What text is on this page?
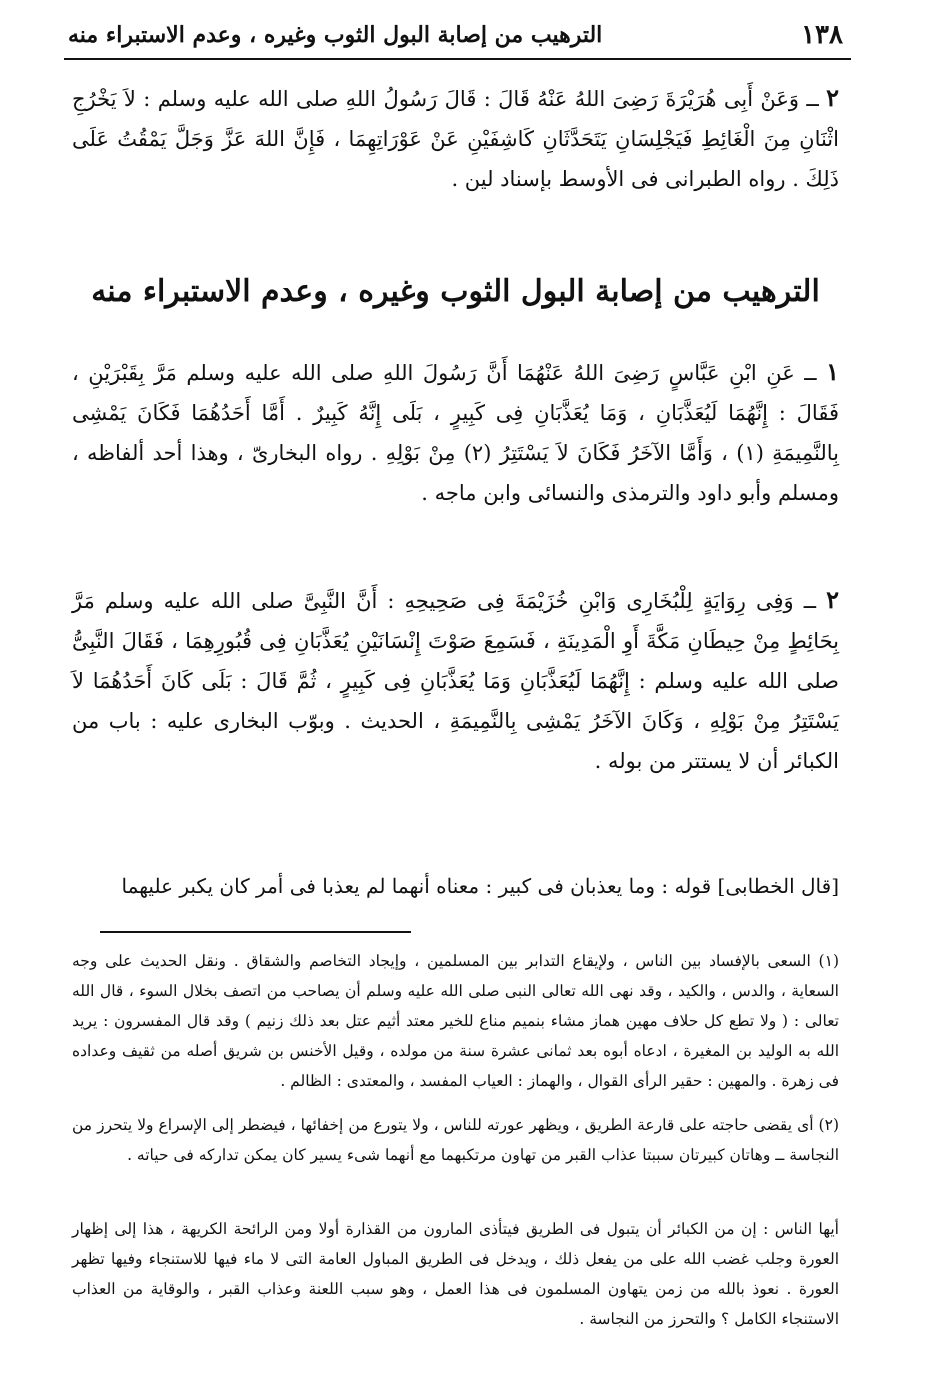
١٣٨
الترهيب من إصابة البول الثوب وغيره ، وعدم الاستبراء منه

٢ ــ وَعَنْ أَبِى هُرَيْرَةَ رَضِىَ اللهُ عَنْهُ قَالَ : قَالَ رَسُولُ اللهِ صلى الله عليه وسلم : لاَ يَخْرُجِ اثْنَانِ مِنَ الْغَائِطِ فَيَجْلِسَانِ يَتَحَدَّثَانِ كَاشِفَيْنِ عَنْ عَوْرَاتِهِمَا ، فَإِنَّ اللهَ عَزَّ وَجَلَّ يَمْقُتُ عَلَى ذَلِكَ . رواه الطبرانى فى الأوسط بإسناد لين .

الترهيب من إصابة البول الثوب وغيره ، وعدم الاستبراء منه

١ ــ عَنِ ابْنِ عَبَّاسٍ رَضِىَ اللهُ عَنْهُمَا أَنَّ رَسُولَ اللهِ صلى الله عليه وسلم مَرَّ بِقَبْرَيْنِ ، فَقَالَ : إِنَّهُمَا لَيُعَذَّبَانِ ، وَمَا يُعَذَّبَانِ فِى كَبِيرٍ ، بَلَى إِنَّهُ كَبِيرٌ . أَمَّا أَحَدُهُمَا فَكَانَ يَمْشِى بِالنَّمِيمَةِ (١) ، وَأَمَّا الآخَرُ فَكَانَ لاَ يَسْتَتِرُ (٢) مِنْ بَوْلِهِ . رواه البخارىّ ، وهذا أحد ألفاظه ، ومسلم وأبو داود والترمذى والنسائى وابن ماجه .

٢ ــ وَفِى رِوَايَةٍ لِلْبُخَارِى وَابْنِ خُزَيْمَةَ فِى صَحِيحِهِ : أَنَّ النَّبِىَّ صلى الله عليه وسلم مَرَّ بِحَائِطٍ مِنْ حِيطَانِ مَكَّةَ أَوِ الْمَدِينَةِ ، فَسَمِعَ صَوْتَ إِنْسَانَيْنِ يُعَذَّبَانِ فِى قُبُورِهِمَا ، فَقَالَ النَّبِىُّ صلى الله عليه وسلم : إِنَّهُمَا لَيُعَذَّبَانِ وَمَا يُعَذَّبَانِ فِى كَبِيرٍ ، ثُمَّ قَالَ : بَلَى كَانَ أَحَدُهُمَا لاَ يَسْتَتِرُ مِنْ بَوْلِهِ ، وَكَانَ الآخَرُ يَمْشِى بِالنَّمِيمَةِ ، الحديث . وبوّب البخارى عليه : باب من الكبائر أن لا يستتر من بوله .

[قال الخطابى] قوله : وما يعذبان فى كبير : معناه أنهما لم يعذبا فى أمر كان يكبر عليهما

(١) السعى بالإفساد بين الناس ، ولإيقاع التدابر بين المسلمين ، وإيجاد التخاصم والشقاق . ونقل الحديث على وجه السعاية ، والدس ، والكيد ، وقد نهى الله تعالى النبى صلى الله عليه وسلم أن يصاحب من اتصف بخلال السوء ، قال الله تعالى : ( ولا تطع كل حلاف مهين هماز مشاء بنميم مناع للخير معتد أثيم عتل بعد ذلك زنيم ) وقد قال المفسرون : يريد الله به الوليد بن المغيرة ، ادعاه أبوه بعد ثمانى عشرة سنة من مولده ، وقيل الأخنس بن شريق أصله من ثقيف وعداده فى زهرة . والمهين : حقير الرأى القوال ، والهماز : العياب المفسد ، والمعتدى : الظالم .

(٢) أى يقضى حاجته على قارعة الطريق ، ويظهر عورته للناس ، ولا يتورع من إخفائها ، فيضطر إلى الإسراع ولا يتحرز من النجاسة ــ وهاتان كبيرتان سببتا عذاب القبر من تهاون مرتكبهما مع أنهما شىء يسير كان يمكن تداركه فى حياته .

أيها الناس : إن من الكبائر أن يتبول فى الطريق فيتأذى المارون من القذارة أولا ومن الرائحة الكريهة ، هذا إلى إظهار العورة وجلب غضب الله على من يفعل ذلك ، ويدخل فى الطريق المباول العامة التى لا ماء فيها للاستنجاء وفيها تظهر العورة . نعوذ بالله من زمن يتهاون المسلمون فى هذا العمل ، وهو سبب اللعنة وعذاب القبر ، والوقاية من العذاب الاستنجاء الكامل ؟ والتحرز من النجاسة .
